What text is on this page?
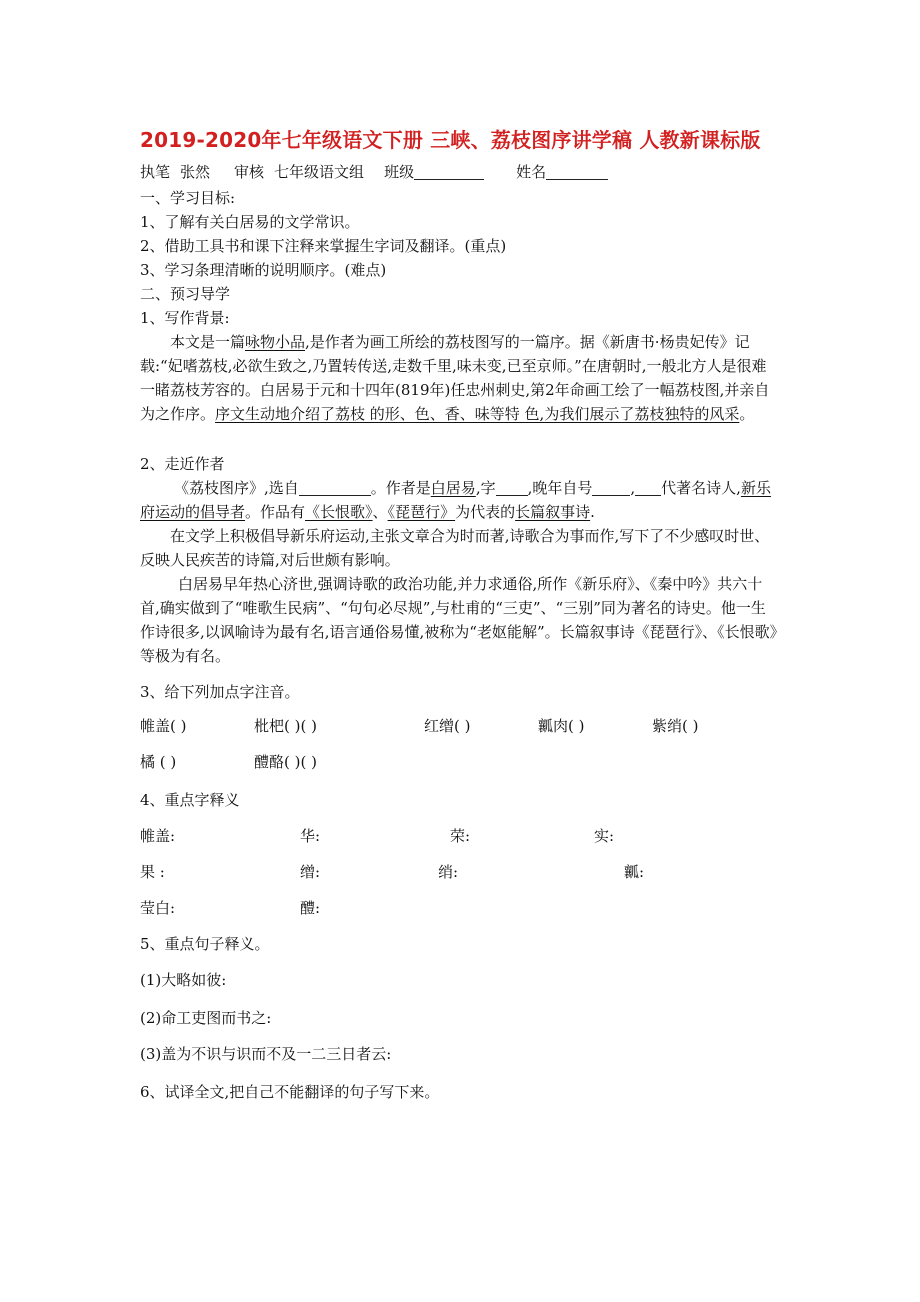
2019-2020年七年级语文下册 三峡、荔枝图序讲学稿 人教新课标版
执笔 张然 审核 七年级语文组 班级	姓名
一、学习目标:
1、了解有关白居易的文学常识。
2、借助工具书和课下注释来掌握生字词及翻译。(重点)
3、学习条理清晰的说明顺序。(难点)
二、预习导学
1、写作背景:

本文是一篇咏物小品,是作者为画工所绘的荔枝图写的一篇序。据《新唐书·杨贵妃传》记载:“妃嗜荔枝,必欲生致之,乃置转传送,走数千里,味未变,已至京师。”在唐朝时,一般北方人是很难一睹荔枝芳容的。白居易于元和十四年(819年)任忠州刺史,第2年命画工绘了一幅荔枝图,并亲自为之作序。序文生动地介绍了荔枝 的形、色、香、味等特 色,为我们展示了荔枝独特的风采。

2、走近作者

《荔枝图序》,选自	。作者是白居易,字 ,晚年自号	, 代著名诗人,新乐府运动的倡导者。作品有《长恨歌》、《琵琶行》为代表的长篇叙事诗.

在文学上积极倡导新乐府运动,主张文章合为时而著,诗歌合为事而作,写下了不少感叹时世、反映人民疾苦的诗篇,对后世颇有影响。
白居易早年热心济世,强调诗歌的政治功能,并力求通俗,所作《新乐府》、《秦中吟》共六十首,确实做到了“唯歌生民病”、“句句必尽规”,与杜甫的“三吏”、“三别”同为著名的诗史。他一生作诗很多,以讽喻诗为最有名,语言通俗易懂,被称为“老妪能解”。长篇叙事诗《琵琶行》、《长恨歌》等极为有名。
3、给下列加点字注音。
帷盖( )	枇杷( )( )	红缯( )	瓤肉( )	紫绡( )
橘 ( )	醴酪( )( )
4、重点字释义
帷盖:	华:	荣:	实:
果 :	缯:	绡:	瓤:
莹白:	醴:
5、重点句子释义。
(1)大略如彼:
(2)命工吏图而书之:
(3)盖为不识与识而不及一二三日者云:
6、试译全文,把自己不能翻译的句子写下来。
